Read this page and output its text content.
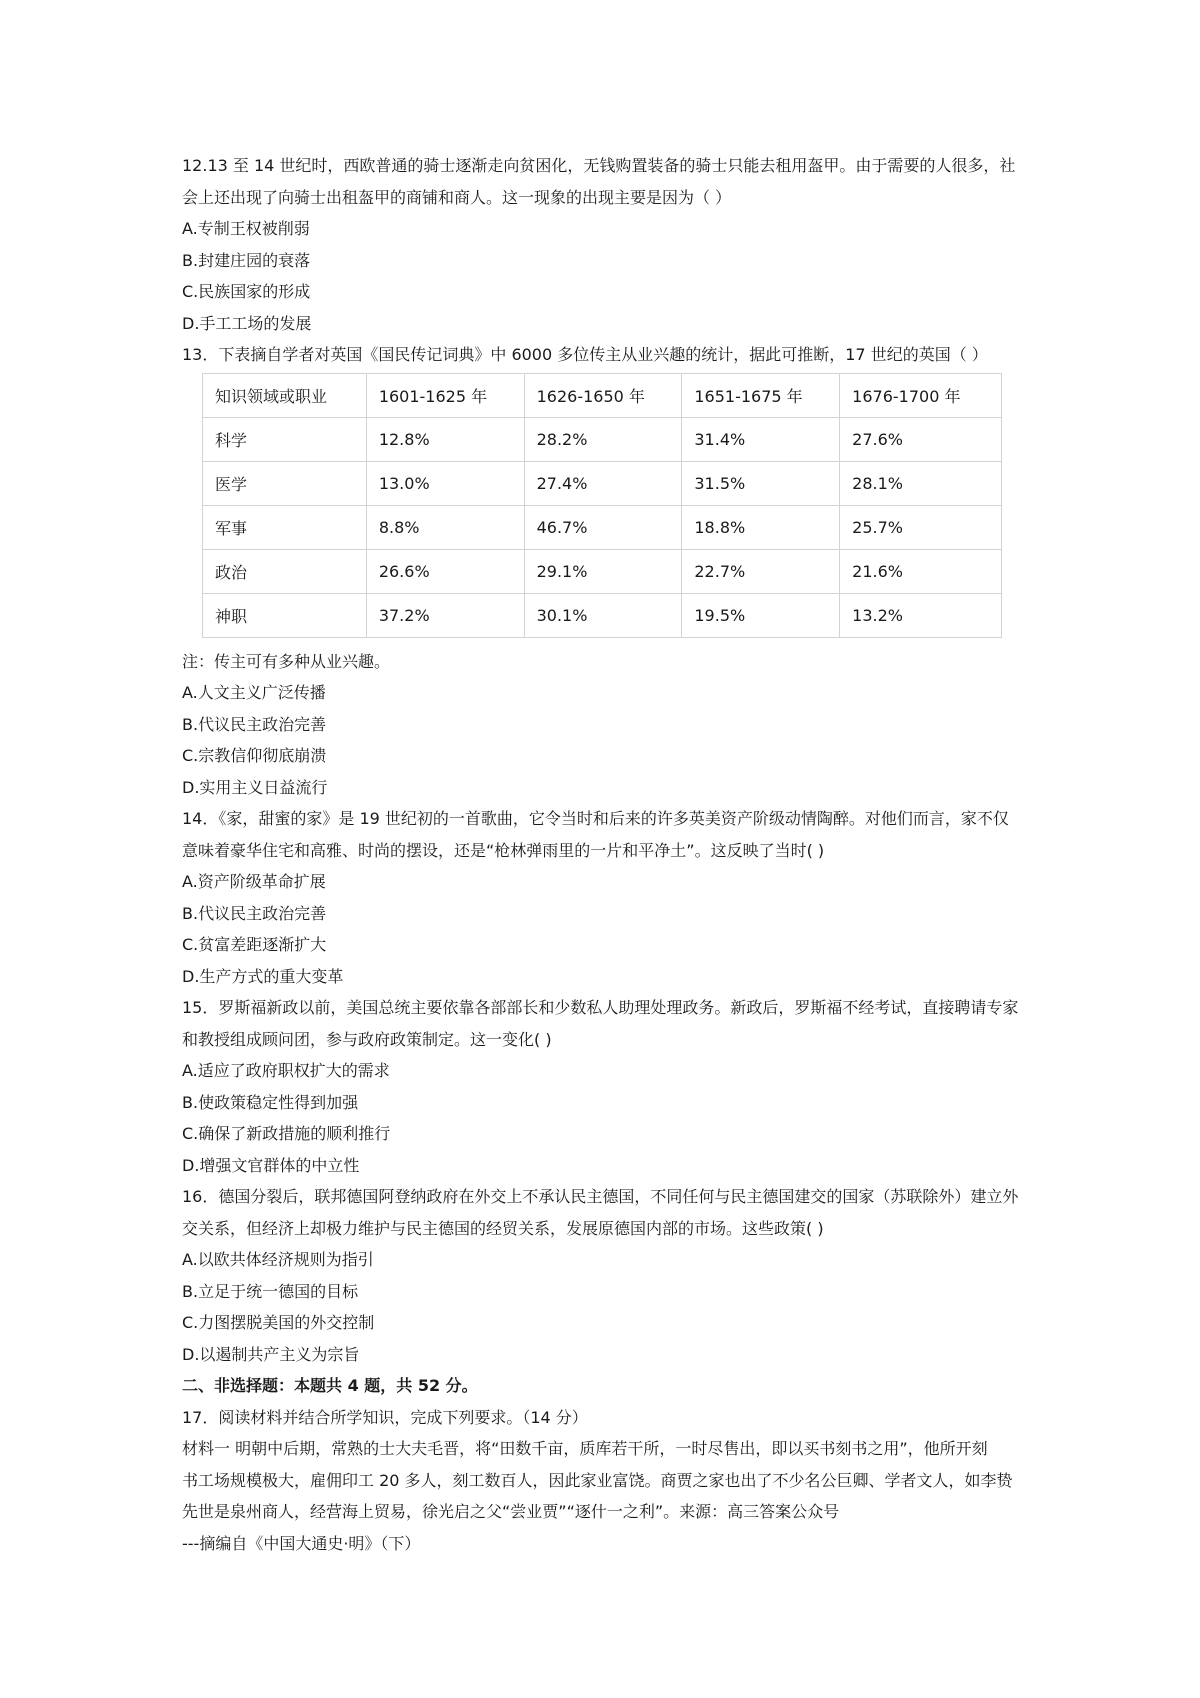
12.13 至 14 世纪时，西欧普通的骑士逐渐走向贫困化，无钱购置装备的骑士只能去租用盔甲。由于需要的人很多，社
会上还出现了向骑士出租盔甲的商铺和商人。这一现象的出现主要是因为（ ）
A.专制王权被削弱
B.封建庄园的衰落
C.民族国家的形成
D.手工工场的发展
13．下表摘自学者对英国《国民传记词典》中 6000 多位传主从业兴趣的统计，据此可推断，17 世纪的英国（ ）
知识领域或职业	1601-1625 年	1626-1650 年	1651-1675 年	1676-1700 年
科学	12.8%	28.2%	31.4%	27.6%
医学	13.0%	27.4%	31.5%	28.1%
军事	8.8%	46.7%	18.8%	25.7%
政治	26.6%	29.1%	22.7%	21.6%
神职	37.2%	30.1%	19.5%	13.2%
注：传主可有多种从业兴趣。
A.人文主义广泛传播
B.代议民主政治完善
C.宗教信仰彻底崩溃
D.实用主义日益流行
14．《家，甜蜜的家》是 19 世纪初的一首歌曲，它令当时和后来的许多英美资产阶级动情陶醉。对他们而言，家不仅
意味着豪华住宅和高雅、时尚的摆设，还是“枪林弹雨里的一片和平净土”。这反映了当时( )
A.资产阶级革命扩展
B.代议民主政治完善
C.贫富差距逐渐扩大
D.生产方式的重大变革
15．罗斯福新政以前，美国总统主要依靠各部部长和少数私人助理处理政务。新政后，罗斯福不经考试，直接聘请专家
和教授组成顾问团，参与政府政策制定。这一变化( )
A.适应了政府职权扩大的需求
B.使政策稳定性得到加强
C.确保了新政措施的顺利推行
D.增强文官群体的中立性
16．德国分裂后，联邦德国阿登纳政府在外交上不承认民主德国，不同任何与民主德国建交的国家（苏联除外）建立外
交关系，但经济上却极力维护与民主德国的经贸关系，发展原德国内部的市场。这些政策( )
A.以欧共体经济规则为指引
B.立足于统一德国的目标
C.力图摆脱美国的外交控制
D.以遏制共产主义为宗旨
二、非选择题：本题共 4 题，共 52 分。
17．阅读材料并结合所学知识，完成下列要求。（14 分）
材料一 明朝中后期，常熟的士大夫毛晋，将“田数千亩，质库若干所，一时尽售出，即以买书刻书之用”，他所开刻
书工场规模极大，雇佣印工 20 多人，刻工数百人，因此家业富饶。商贾之家也出了不少名公巨卿、学者文人，如李贽
先世是泉州商人，经营海上贸易，徐光启之父“尝业贾”“逐什一之利”。来源：高三答案公众号
---摘编自《中国大通史·明》（下）
